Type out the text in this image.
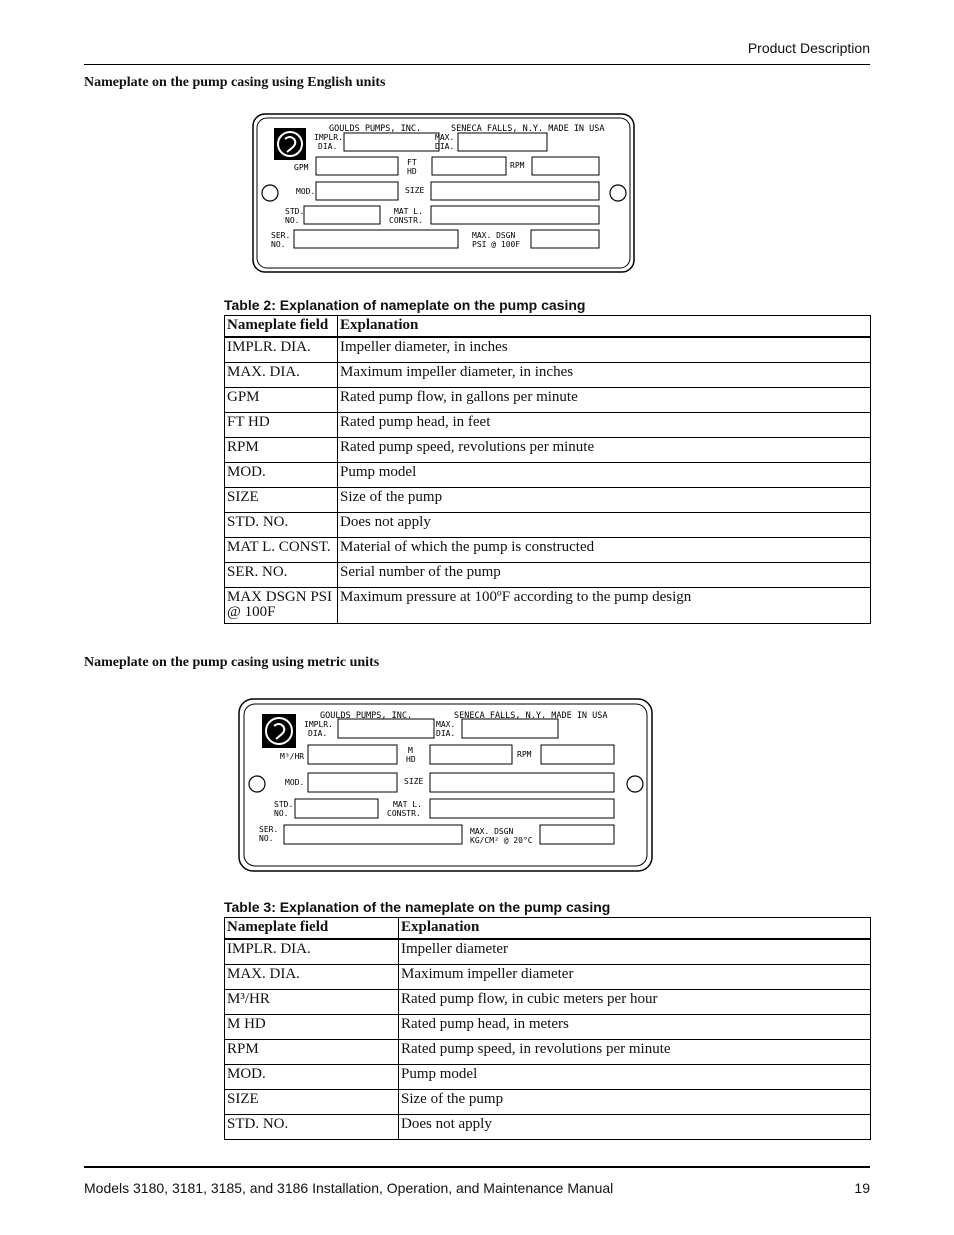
Product Description
Nameplate on the pump casing using English units
GOULDS PUMPS, INC.	SENECA FALLS, N.Y. MADE IN USA
IMPLR.
DIA.
MAX.
DIA.
GPM
FT
HD
RPM
MOD.	SIZE
STD.
NO.
MAT L.
CONSTR.
SER.
NO.
MAX. DSGN
PSI @ 100F
Table 2: Explanation of nameplate on the pump casing
Nameplate field	Explanation
IMPLR. DIA.	Impeller diameter, in inches
MAX. DIA.	Maximum impeller diameter, in inches
GPM	Rated pump flow, in gallons per minute
FT HD	Rated pump head, in feet
RPM	Rated pump speed, revolutions per minute
MOD.	Pump model
SIZE	Size of the pump
STD. NO.	Does not apply
MAT L. CONST.	Material of which the pump is constructed
SER. NO.	Serial number of the pump
MAX DSGN PSI @ 100F	Maximum pressure at 100ºF according to the pump design
Nameplate on the pump casing using metric units
GOULDS PUMPS, INC.	SENECA FALLS, N.Y. MADE IN USA
IMPLR.
DIA.
MAX.
DIA.
M³/HR
M
HD
RPM
MOD.	SIZE
STD.
NO.
MAT L.
CONSTR.
SER.
NO.
MAX. DSGN
KG/CM² @ 20°C
Table 3: Explanation of the nameplate on the pump casing
Nameplate field	Explanation
IMPLR. DIA.	Impeller diameter
MAX. DIA.	Maximum impeller diameter
M³/HR	Rated pump flow, in cubic meters per hour
M HD	Rated pump head, in meters
RPM	Rated pump speed, in revolutions per minute
MOD.	Pump model
SIZE	Size of the pump
STD. NO.	Does not apply
Models 3180, 3181, 3185, and 3186 Installation, Operation, and Maintenance Manual	19
